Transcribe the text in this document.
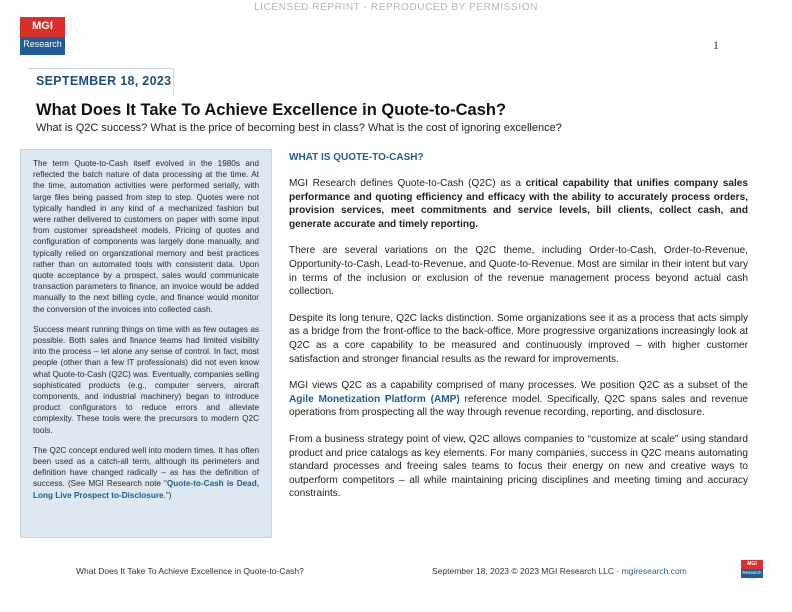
LICENSED REPRINT - REPRODUCED BY PERMISSION
MGI
Research	1
SEPTEMBER 18, 2023
What Does It Take To Achieve Excellence in Quote-to-Cash?
What is Q2C success? What is the price of becoming best in class? What is the cost of ignoring excellence?

The term Quote-to-Cash itself evolved in the 1980s and reflected the batch nature of data processing at the time. At the time, automation activities were performed serially, with large files being passed from step to step. Quotes were not typically handled in any kind of a mechanized fashion but were rather delivered to customers on paper with some input from customer spreadsheet models. Pricing of quotes and configuration of components was largely done manually, and typically relied on organizational memory and best practices rather than on automated tools with consistent data. Upon quote acceptance by a prospect, sales would communicate transaction parameters to finance, an invoice would be added manually to the next billing cycle, and finance would monitor the conversion of the invoices into collected cash.

Success meant running things on time with as few outages as possible. Both sales and finance teams had limited visibility into the process – let alone any sense of control. In fact, most people (other than a few IT professionals) did not even know what Quote-to-Cash (Q2C) was. Eventually, companies selling sophisticated products (e.g., computer servers, aircraft components, and industrial machinery) began to introduce product configurators to reduce errors and alleviate complexity. These tools were the precursors to modern Q2C tools.

The Q2C concept endured well into modern times. It has often been used as a catch-all term, although its perimeters and definition have changed radically – as has the definition of success. (See MGI Research note “Quote-to-Cash is Dead, Long Live Prospect to-Disclosure.”)

WHAT IS QUOTE-TO-CASH?

MGI Research defines Quote-to-Cash (Q2C) as a critical capability that unifies company sales performance and quoting efficiency and efficacy with the ability to accurately process orders, provision services, meet commitments and service levels, bill clients, collect cash, and generate accurate and timely reporting.

There are several variations on the Q2C theme, including Order-to-Cash, Order-to-Revenue, Opportunity-to-Cash, Lead-to-Revenue, and Quote-to-Revenue. Most are similar in their intent but vary in terms of the inclusion or exclusion of the revenue management process beyond actual cash collection.

Despite its long tenure, Q2C lacks distinction. Some organizations see it as a process that acts simply as a bridge from the front-office to the back-office. More progressive organizations increasingly look at Q2C as a core capability to be measured and continuously improved – with higher customer satisfaction and stronger financial results as the reward for improvements.

MGI views Q2C as a capability comprised of many processes. We position Q2C as a subset of the Agile Monetization Platform (AMP) reference model. Specifically, Q2C spans sales and revenue operations from prospecting all the way through revenue recording, reporting, and disclosure.

From a business strategy point of view, Q2C allows companies to “customize at scale” using standard product and price catalogs as key elements. For many companies, success in Q2C means automating standard processes and freeing sales teams to focus their energy on new and creative ways to outperform competitors – all while maintaining pricing disciplines and meeting timing and accuracy constraints.

What Does It Take To Achieve Excellence in Quote-to-Cash?	September 18, 2023 © 2023 MGI Research LLC · mgiresearch.com
MGI
Research
